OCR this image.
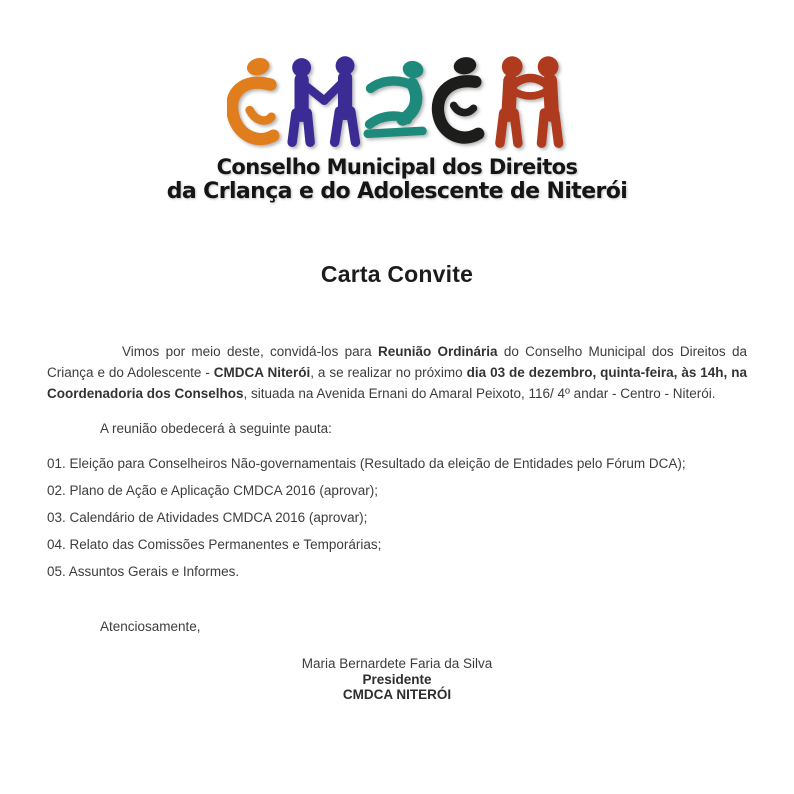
Conselho Municipal dos Direitos
da Crlança e do Adolescente de Niterói
Carta Convite

Vimos por meio deste, convidá-los para Reunião Ordinária do Conselho Municipal dos Direitos da Criança e do Adolescente - CMDCA Niterói, a se realizar no próximo dia 03 de dezembro, quinta-feira, às 14h, na Coordenadoria dos Conselhos, situada na Avenida Ernani do Amaral Peixoto, 116/ 4º andar - Centro - Niterói.

A reunião obedecerá à seguinte pauta:

01. Eleição para Conselheiros Não-governamentais (Resultado da eleição de Entidades pelo Fórum DCA);
02. Plano de Ação e Aplicação CMDCA 2016 (aprovar);
03. Calendário de Atividades CMDCA 2016 (aprovar);
04. Relato das Comissões Permanentes e Temporárias;
05. Assuntos Gerais e Informes.

Atenciosamente,

Maria Bernardete Faria da Silva
Presidente
CMDCA NITERÓI
